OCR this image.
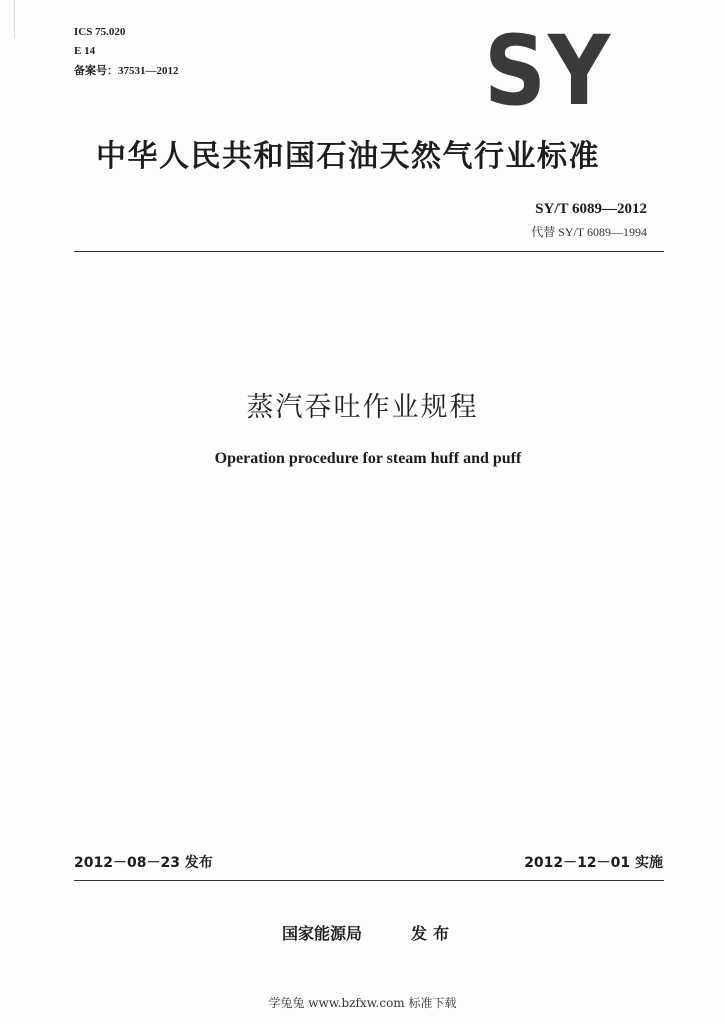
ICS 75.020
E 14
备案号：37531—2012	SY
中华人民共和国石油天然气行业标准
SY/T 6089—2012
代替 SY/T 6089—1994
蒸汽吞吐作业规程
Operation procedure for steam huff and puff
2012－08－23 发布	2012－12－01 实施
国家能源局	发布
学兔兔 www.bzfxw.com 标准下载
